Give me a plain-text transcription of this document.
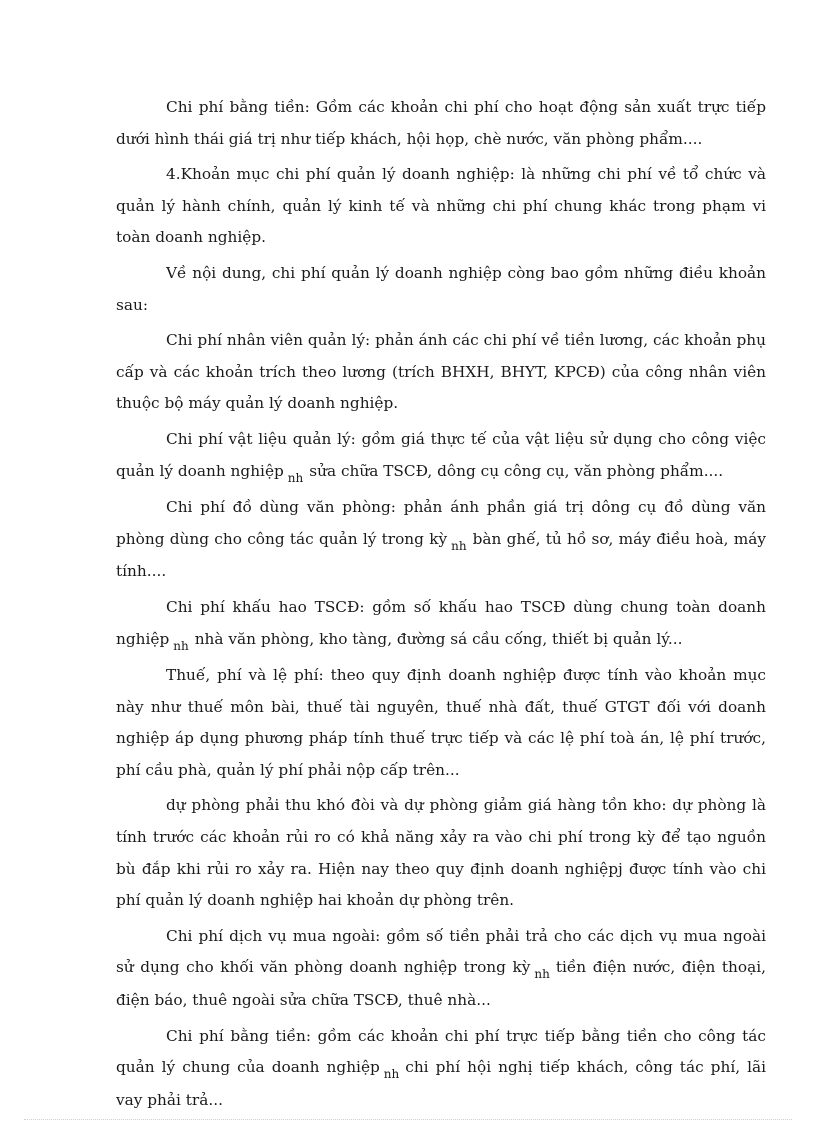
Chi phí bằng tiền: Gồm các khoản chi phí cho hoạt động sản xuất trực tiếp dưới hình thái giá trị như tiếp khách, hội họp, chè nước, văn phòng phẩm....

4.Khoản mục chi phí quản lý doanh nghiệp: là những chi phí về tổ chức và quản lý hành chính, quản lý kinh tế và những chi phí chung khác trong phạm vi toàn doanh nghiệp.

Về nội dung, chi phí quản lý doanh nghiệp còng bao gồm những điều khoản sau:

Chi phí nhân viên quản lý: phản ánh các chi phí về tiền lương, các khoản phụ cấp và các khoản trích theo lương (trích BHXH, BHYT, KPCĐ) của công nhân viên thuộc bộ máy quản lý doanh nghiệp.

Chi phí vật liệu quản lý: gồm giá thực tế của vật liệu sử dụng cho công việc quản lý doanh nghiệp $_{nh}$ sửa chữa TSCĐ, dông cụ công cụ, văn phòng phẩm....

Chi phí đồ dùng văn phòng: phản ánh phần giá trị dông cụ đồ dùng văn phòng dùng cho công tác quản lý trong kỳ $_{nh}$ bàn ghế, tủ hồ sơ, máy điều hoà, máy tính....

Chi phí khấu hao TSCĐ: gồm số khấu hao TSCĐ dùng chung toàn doanh nghiệp $_{nh}$ nhà văn phòng, kho tàng, đường sá cầu cống, thiết bị quản lý...

Thuế, phí và lệ phí: theo quy định doanh nghiệp được tính vào khoản mục này như thuế môn bài, thuế tài nguyên, thuế nhà đất, thuế GTGT đối với doanh nghiệp áp dụng phương pháp tính thuế trực tiếp và các lệ phí toà án, lệ phí trước, phí cầu phà, quản lý phí phải nộp cấp trên...

dự phòng phải thu khó đòi và dự phòng giảm giá hàng tồn kho: dự phòng là tính trước các khoản rủi ro có khả năng xảy ra vào chi phí trong kỳ để tạo nguồn bù đắp khi rủi ro xảy ra. Hiện nay theo quy định doanh nghiệpj được tính vào chi phí quản lý doanh nghiệp hai khoản dự phòng trên.

Chi phí dịch vụ mua ngoài: gồm số tiền phải trả cho các dịch vụ mua ngoài sử dụng cho khối văn phòng doanh nghiệp trong kỳ $_{nh}$ tiền điện nước, điện thoại, điện báo, thuê ngoài sửa chữa TSCĐ, thuê nhà...

Chi phí bằng tiền: gồm các khoản chi phí trực tiếp bằng tiền cho công tác quản lý chung của doanh nghiệp $_{nh}$ chi phí hội nghị tiếp khách, công tác phí, lãi vay phải trả...
